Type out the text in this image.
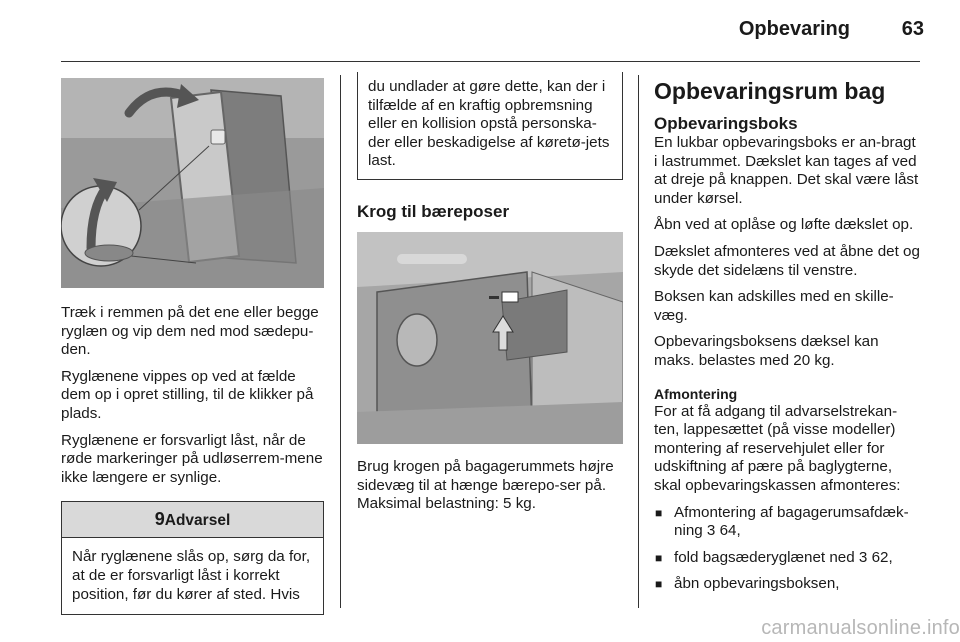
Opbevaring	63

Træk i remmen på det ene eller begge ryglæn og vip dem ned mod sædepu-den.

Ryglænene vippes op ved at fælde dem op i opret stilling, til de klikker på plads.

Ryglænene er forsvarligt låst, når de røde markeringer på udløserrem-mene ikke længere er synlige.

9Advarsel

Når ryglænene slås op, sørg da for, at de er forsvarligt låst i korrekt position, før du kører af sted. Hvis

du undlader at gøre dette, kan der i tilfælde af en kraftig opbremsning eller en kollision opstå personska-der eller beskadigelse af køretø-jets last.

Krog til bæreposer

Brug krogen på bagagerummets højre sidevæg til at hænge bærepo-ser på. Maksimal belastning: 5 kg.

Opbevaringsrum bag
Opbevaringsboks

En lukbar opbevaringsboks er an-bragt i lastrummet. Dækslet kan tages af ved at dreje på knappen. Det skal være låst under kørsel.

Åbn ved at oplåse og løfte dækslet op.

Dækslet afmonteres ved at åbne det og skyde det sidelæns til venstre.

Boksen kan adskilles med en skille-væg.

Opbevaringsboksens dæksel kan maks. belastes med 20 kg.

Afmontering

For at få adgang til advarselstrekan-ten, lappesættet (på visse modeller) montering af reservehjulet eller for udskiftning af pære på baglygterne, skal opbevaringskassen afmonteres:

■ Afmontering af bagagerumsafdæk-ning 3 64,
■ fold bagsæderyglænet ned 3 62,
■ åbn opbevaringsboksen,
carmanualsonline.info
